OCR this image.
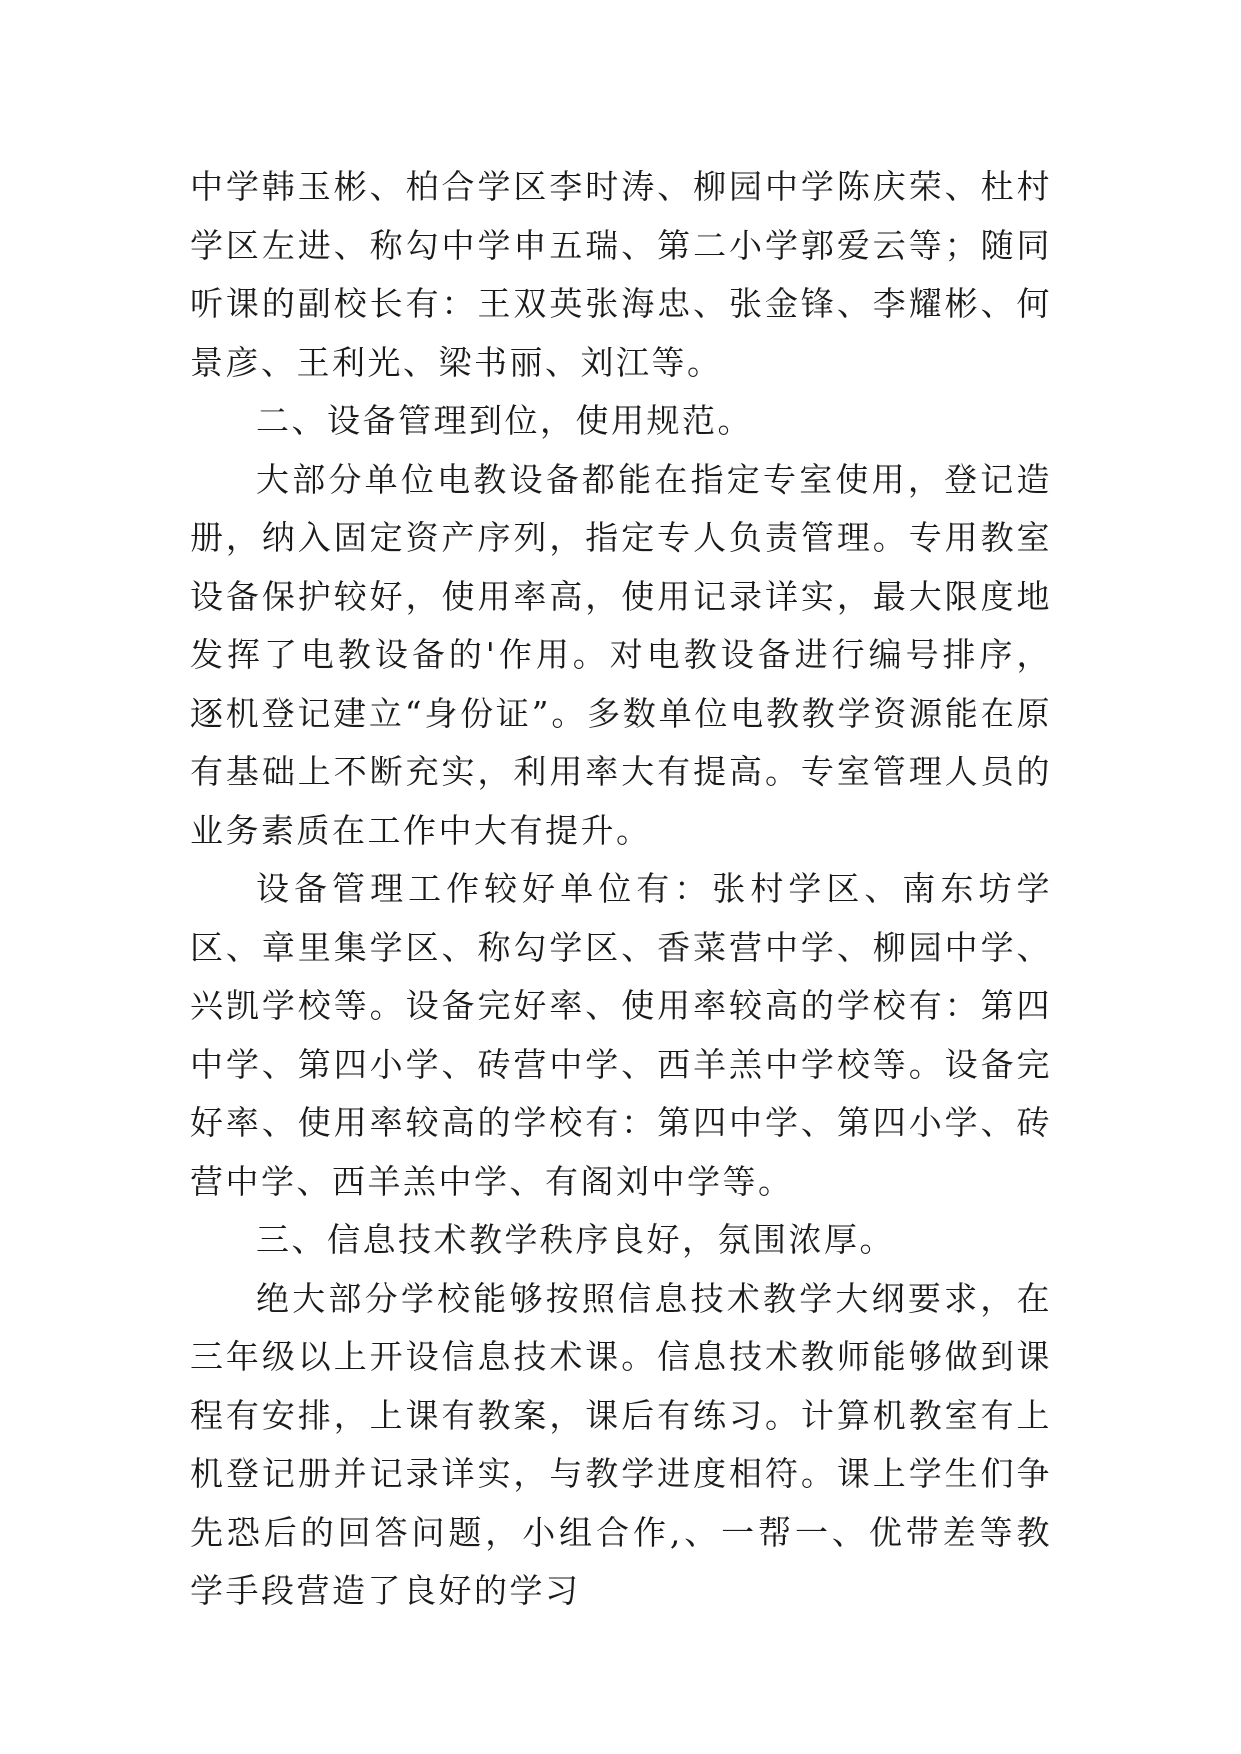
中学韩玉彬、柏合学区李时涛、柳园中学陈庆荣、杜村学区左进、称勾中学申五瑞、第二小学郭爱云等；随同听课的副校长有：王双英张海忠、张金锋、李耀彬、何景彦、王利光、梁书丽、刘江等。

二、设备管理到位，使用规范。

大部分单位电教设备都能在指定专室使用，登记造册，纳入固定资产序列，指定专人负责管理。专用教室设备保护较好，使用率高，使用记录详实，最大限度地发挥了电教设备的'作用。对电教设备进行编号排序，逐机登记建立“身份证”。多数单位电教教学资源能在原有基础上不断充实，利用率大有提高。专室管理人员的业务素质在工作中大有提升。

设备管理工作较好单位有：张村学区、南东坊学区、章里集学区、称勾学区、香菜营中学、柳园中学、兴凯学校等。设备完好率、使用率较高的学校有：第四中学、第四小学、砖营中学、西羊羔中学校等。设备完好率、使用率较高的学校有：第四中学、第四小学、砖营中学、西羊羔中学、有阁刘中学等。

三、信息技术教学秩序良好，氛围浓厚。

绝大部分学校能够按照信息技术教学大纲要求，在三年级以上开设信息技术课。信息技术教师能够做到课程有安排，上课有教案，课后有练习。计算机教室有上机登记册并记录详实，与教学进度相符。课上学生们争先恐后的回答问题，小组合作,、一帮一、优带差等教学手段营造了良好的学习
